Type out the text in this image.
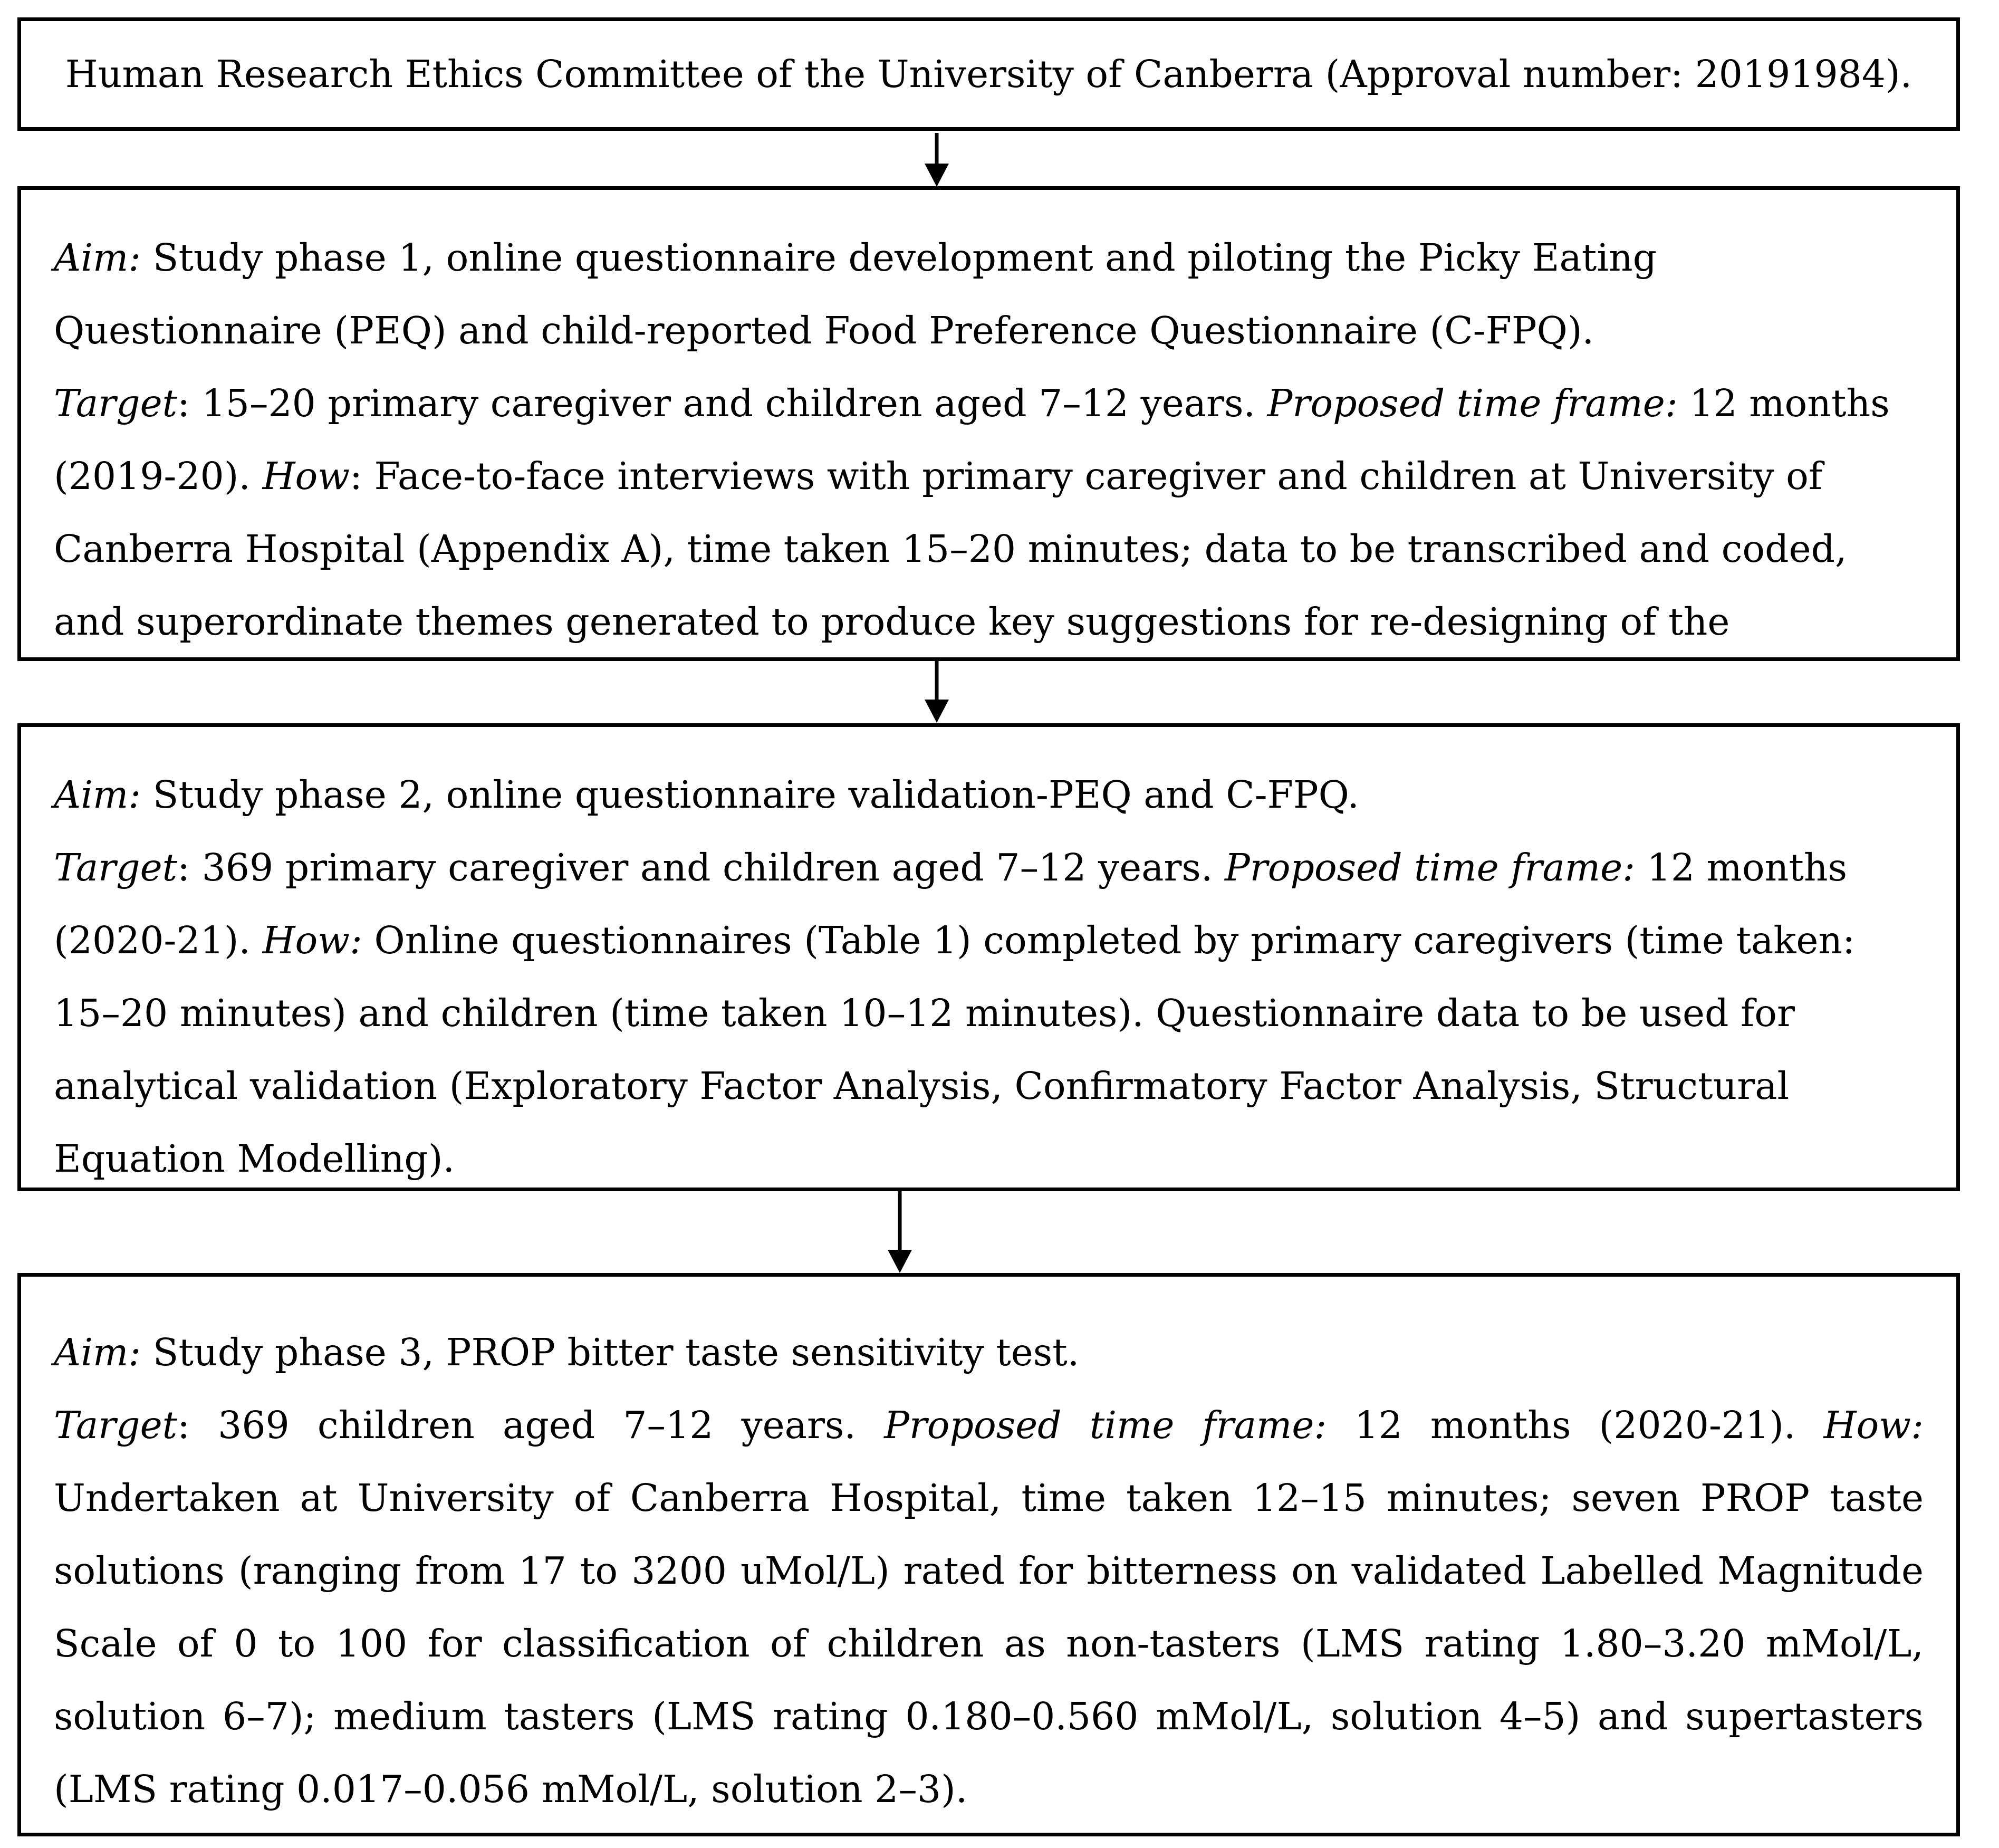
Human Research Ethics Committee of the University of Canberra (Approval number: 20191984).

Aim: Study phase 1, online questionnaire development and piloting the Picky Eating Questionnaire (PEQ) and child-reported Food Preference Questionnaire (C-FPQ).

Target: 15–20 primary caregiver and children aged 7–12 years. Proposed time frame: 12 months (2019-20). How: Face-to-face interviews with primary caregiver and children at University of Canberra Hospital (Appendix A), time taken 15–20 minutes; data to be transcribed and coded, and superordinate themes generated to produce key suggestions for re-designing of the

Aim: Study phase 2, online questionnaire validation-PEQ and C-FPQ.

Target: 369 primary caregiver and children aged 7–12 years. Proposed time frame: 12 months (2020-21). How: Online questionnaires (Table 1) completed by primary caregivers (time taken: 15–20 minutes) and children (time taken 10–12 minutes). Questionnaire data to be used for analytical validation (Exploratory Factor Analysis, Confirmatory Factor Analysis, Structural Equation Modelling).

Aim: Study phase 3, PROP bitter taste sensitivity test.

Target: 369 children aged 7–12 years. Proposed time frame: 12 months (2020-21). How: Undertaken at University of Canberra Hospital, time taken 12–15 minutes; seven PROP taste solutions (ranging from 17 to 3200 uMol/L) rated for bitterness on validated Labelled Magnitude Scale of 0 to 100 for classification of children as non-tasters (LMS rating 1.80–3.20 mMol/L, solution 6–7); medium tasters (LMS rating 0.180–0.560 mMol/L, solution 4–5) and supertasters (LMS rating 0.017–0.056 mMol/L, solution 2–3).
